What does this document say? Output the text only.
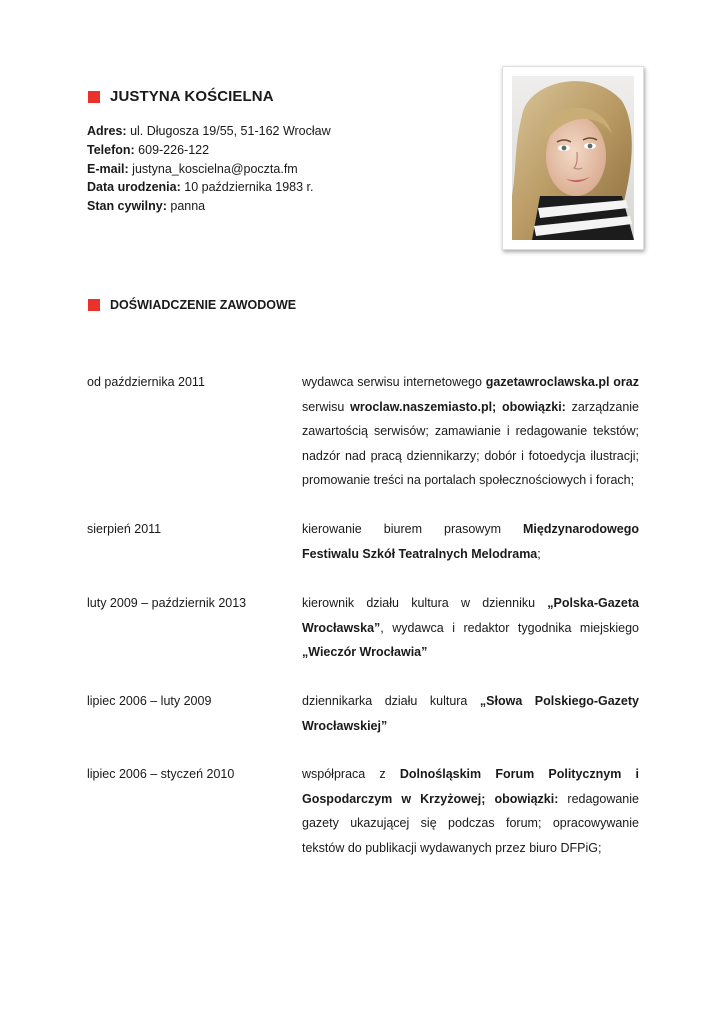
JUSTYNA KOŚCIELNA
Adres: ul. Długosza 19/55, 51-162 Wrocław
Telefon: 609-226-122
E-mail: justyna_koscielna@poczta.fm
Data urodzenia: 10 października 1983 r.
Stan cywilny: panna
DOŚWIADCZENIE ZAWODOWE
od października 2011	wydawca serwisu internetowego gazetawroclawska.pl oraz serwisu wroclaw.naszemiasto.pl; obowiązki: zarządzanie zawartością serwisów; zamawianie i redagowanie tekstów; nadzór nad pracą dziennikarzy; dobór i fotoedycja ilustracji; promowanie treści na portalach społecznościowych i forach;
sierpień 2011	kierowanie biurem prasowym Międzynarodowego Festiwalu Szkół Teatralnych Melodrama;
luty 2009 – październik 2013	kierownik działu kultura w dzienniku „Polska-Gazeta Wrocławska”, wydawca i redaktor tygodnika miejskiego „Wieczór Wrocławia”
lipiec 2006 – luty 2009	dziennikarka działu kultura „Słowa Polskiego-Gazety Wrocławskiej”
lipiec 2006 – styczeń 2010	współpraca z Dolnośląskim Forum Politycznym i Gospodarczym w Krzyżowej; obowiązki: redagowanie gazety ukazującej się podczas forum; opracowywanie tekstów do publikacji wydawanych przez biuro DFPiG;
